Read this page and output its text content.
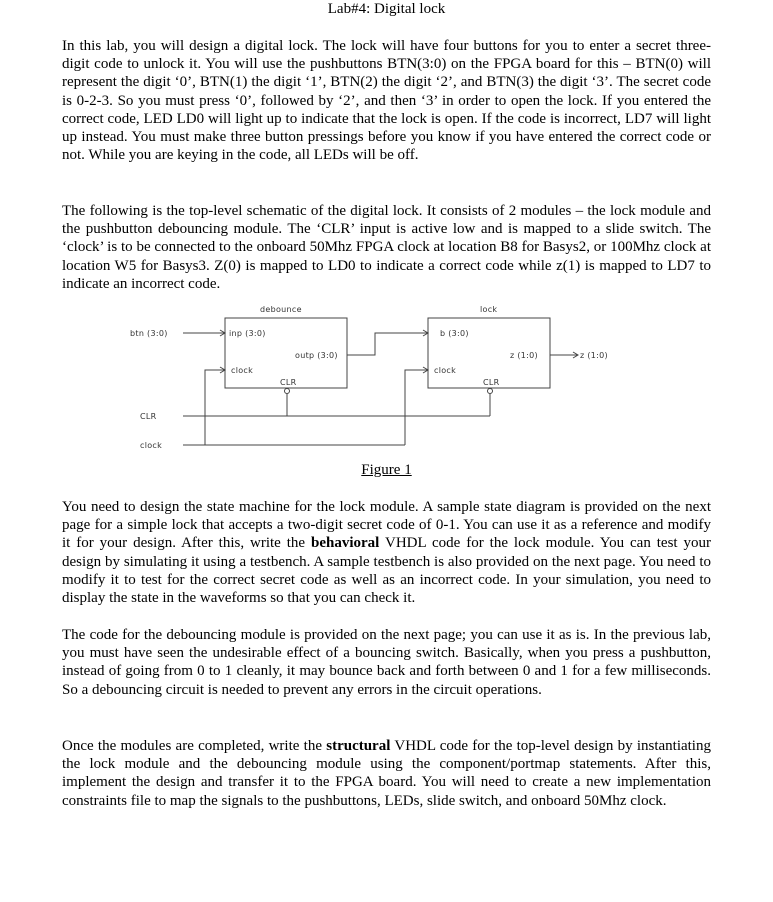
Lab#4: Digital lock

In this lab, you will design a digital lock. The lock will have four buttons for you to enter a secret three-digit code to unlock it. You will use the pushbuttons BTN(3:0) on the FPGA board for this – BTN(0) will represent the digit ‘0’, BTN(1) the digit ‘1’, BTN(2) the digit ‘2’, and BTN(3) the digit ‘3’. The secret code is 0-2-3. So you must press ‘0’, followed by ‘2’, and then ‘3’ in order to open the lock. If you entered the correct code, LED LD0 will light up to indicate that the lock is open. If the code is incorrect, LD7 will light up instead. You must make three button pressings before you know if you have entered the correct code or not. While you are keying in the code, all LEDs will be off.

The following is the top-level schematic of the digital lock. It consists of 2 modules – the lock module and the pushbutton debouncing module. The ‘CLR’ input is active low and is mapped to a slide switch. The ‘clock’ is to be connected to the onboard 50Mhz FPGA clock at location B8 for Basys2, or 100Mhz clock at location W5 for Basys3. Z(0) is mapped to LD0 to indicate a correct code while z(1) is mapped to LD7 to indicate an incorrect code.

debounce	lock
btn (3:0)	inp (3:0)
outp (3:0)
clock
CLR
b (3:0)
z (1:0)	z (1:0)
clock
CLR
CLR
clock
Figure 1

You need to design the state machine for the lock module. A sample state diagram is provided on the next page for a simple lock that accepts a two-digit secret code of 0-1. You can use it as a reference and modify it for your design. After this, write the behavioral VHDL code for the lock module. You can test your design by simulating it using a testbench. A sample testbench is also provided on the next page. You need to modify it to test for the correct secret code as well as an incorrect code. In your simulation, you need to display the state in the waveforms so that you can check it.

The code for the debouncing module is provided on the next page; you can use it as is. In the previous lab, you must have seen the undesirable effect of a bouncing switch. Basically, when you press a pushbutton, instead of going from 0 to 1 cleanly, it may bounce back and forth between 0 and 1 for a few milliseconds. So a debouncing circuit is needed to prevent any errors in the circuit operations.

Once the modules are completed, write the structural VHDL code for the top-level design by instantiating the lock module and the debouncing module using the component/portmap statements. After this, implement the design and transfer it to the FPGA board. You will need to create a new implementation constraints file to map the signals to the pushbuttons, LEDs, slide switch, and onboard 50Mhz clock.
